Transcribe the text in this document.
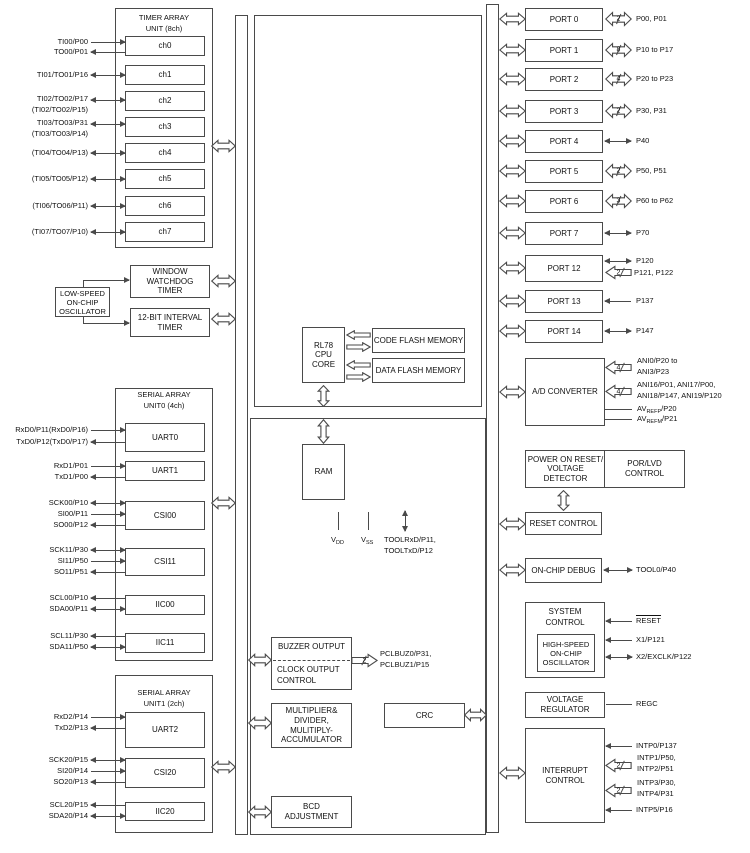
TIMER ARRAY
UNIT (8ch)
ch0
ch1
ch2
ch3
ch4
ch5
ch6
ch7
TI00/P00
TO00/P01
TI01/TO01/P16
TI02/TO02/P17
(TI02/TO02/P15)
TI03/TO03/P31
(TI03/TO03/P14)
(TI04/TO04/P13)
(TI05/TO05/P12)
(TI06/TO06/P11)
(TI07/TO07/P10)
WINDOW
WATCHDOG
TIMER
LOW-SPEED
ON-CHIP
OSCILLATOR
12-BIT INTERVAL
TIMER
SERIAL ARRAY
UNIT0 (4ch)
UART0
UART1
CSI00
CSI11
IIC00
IIC11
RxD0/P11(RxD0/P16)
TxD0/P12(TxD0/P17)
RxD1/P01
TxD1/P00
SCK00/P10
SI00/P11
SO00/P12
SCK11/P30
SI11/P50
SO11/P51
SCL00/P10
SDA00/P11
SCL11/P30
SDA11/P50
SERIAL ARRAY
UNIT1 (2ch)
UART2
CSI20
IIC20
RxD2/P14
TxD2/P13
SCK20/P15
SI20/P14
SO20/P13
SCL20/P15
SDA20/P14
RL78
CPU
CORE
CODE FLASH MEMORY
DATA FLASH MEMORY
RAM
$V_{DD}$ $V_{SS}$ TOOLRxD/P11,
TOOLTxD/P12
BUZZER OUTPUT
CLOCK OUTPUT
CONTROL
2
PCLBUZ0/P31,
PCLBUZ1/P15
MULTIPLIER&
DIVIDER,
MULITIPLY-
ACCUMULATOR
BCD
ADJUSTMENT
CRC
PORT 0	2 P00, P01
PORT 1	8 P10 to P17
PORT 2	4 P20 to P23
PORT 3	2 P30, P31
PORT 4	P40
PORT 5	2 P50, P51
PORT 6	3 P60 to P62
PORT 7	P70
PORT 12
P120
2 P121, P122
PORT 13	P137
PORT 14	P147
A/D CONVERTER
4
ANI0/P20 to
ANI3/P23
4
ANI16/P01, ANI17/P00,
ANI18/P147, ANI19/P120
$AV_{REFP}/P20$
$AV_{REFM}/P21$
POWER ON RESET/
VOLTAGE
DETECTOR
POR/LVD
CONTROL
RESET CONTROL
ON-CHIP DEBUG	TOOL0/P40
SYSTEM
CONTROL
HIGH-SPEED
ON-CHIP
OSCILLATOR
RESET
X1/P121
X2/EXCLK/P122
VOLTAGE
REGULATOR
REGC
INTERRUPT
CONTROL
INTP0/P137
2
INTP1/P50,
INTP2/P51
2
INTP3/P30,
INTP4/P31
INTP5/P16
